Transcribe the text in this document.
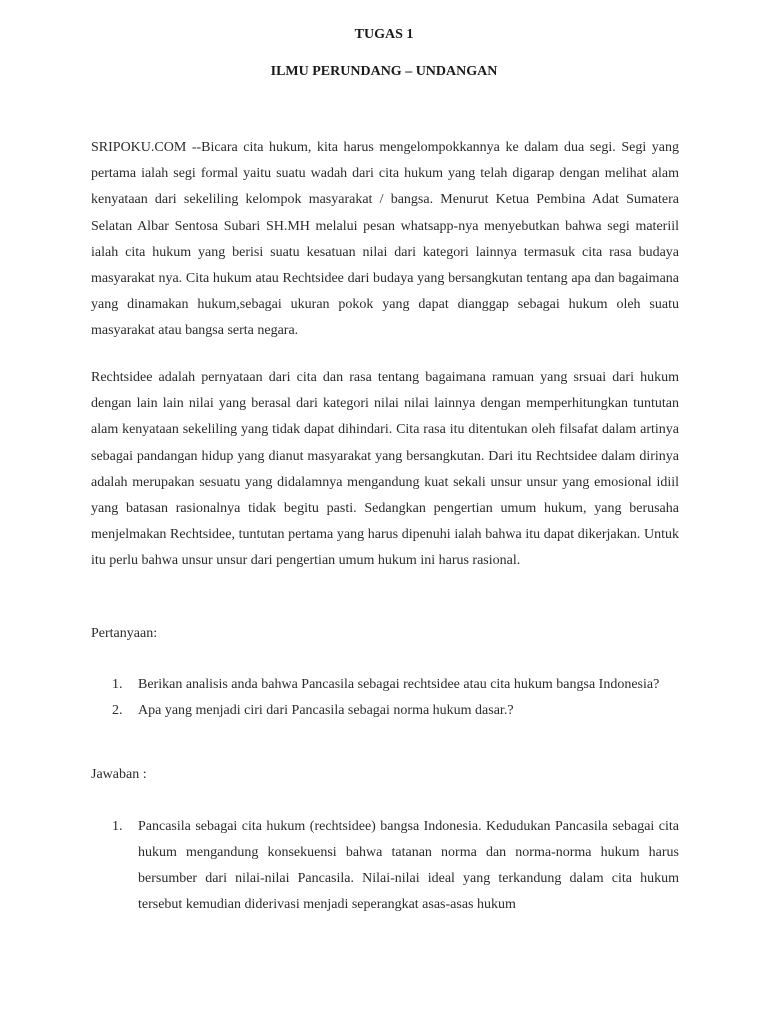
TUGAS 1
ILMU PERUNDANG – UNDANGAN

SRIPOKU.COM --Bicara cita hukum, kita harus mengelompokkannya ke dalam dua segi. Segi yang pertama ialah segi formal yaitu suatu wadah dari cita hukum yang telah digarap dengan melihat alam kenyataan dari sekeliling kelompok masyarakat / bangsa. Menurut Ketua Pembina Adat Sumatera Selatan Albar Sentosa Subari SH.MH melalui pesan whatsapp-nya menyebutkan bahwa segi materiil ialah cita hukum yang berisi suatu kesatuan nilai dari kategori lainnya termasuk cita rasa budaya masyarakat nya. Cita hukum atau Rechtsidee dari budaya yang bersangkutan tentang apa dan bagaimana yang dinamakan hukum,sebagai ukuran pokok yang dapat dianggap sebagai hukum oleh suatu masyarakat atau bangsa serta negara.

Rechtsidee adalah pernyataan dari cita dan rasa tentang bagaimana ramuan yang srsuai dari hukum dengan lain lain nilai yang berasal dari kategori nilai nilai lainnya dengan memperhitungkan tuntutan alam kenyataan sekeliling yang tidak dapat dihindari. Cita rasa itu ditentukan oleh filsafat dalam artinya sebagai pandangan hidup yang dianut masyarakat yang bersangkutan. Dari itu Rechtsidee dalam dirinya adalah merupakan sesuatu yang didalamnya mengandung kuat sekali unsur unsur yang emosional idiil yang batasan rasionalnya tidak begitu pasti. Sedangkan pengertian umum hukum, yang berusaha menjelmakan Rechtsidee, tuntutan pertama yang harus dipenuhi ialah bahwa itu dapat dikerjakan. Untuk itu perlu bahwa unsur unsur dari pengertian umum hukum ini harus rasional.

Pertanyaan:

1. Berikan analisis anda bahwa Pancasila sebagai rechtsidee atau cita hukum bangsa Indonesia?
2. Apa yang menjadi ciri dari Pancasila sebagai norma hukum dasar.?

Jawaban :

1. Pancasila sebagai cita hukum (rechtsidee) bangsa Indonesia. Kedudukan Pancasila sebagai cita hukum mengandung konsekuensi bahwa tatanan norma dan norma-norma hukum harus bersumber dari nilai-nilai Pancasila. Nilai-nilai ideal yang terkandung dalam cita hukum tersebut kemudian diderivasi menjadi seperangkat asas-asas hukum
